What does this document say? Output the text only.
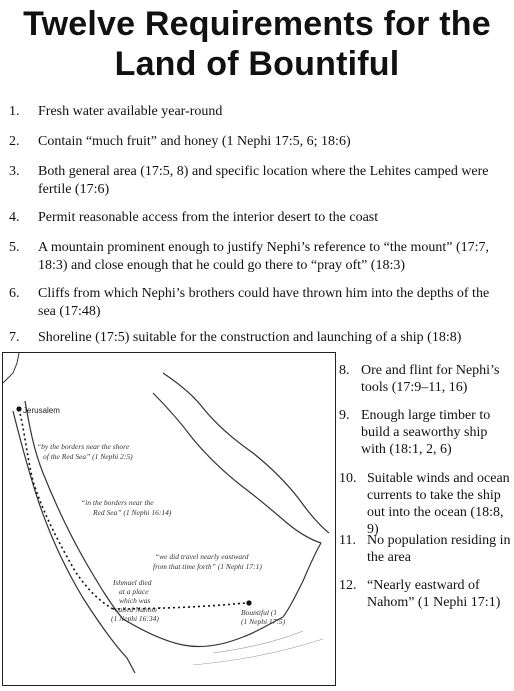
Twelve Requirements for the
Land of Bountiful
1. Fresh water available year-round
2. Contain “much fruit” and honey (1 Nephi 17:5, 6; 18:6)
3. Both general area (17:5, 8) and specific location where the Lehites camped were fertile (17:6)
4. Permit reasonable access from the interior desert to the coast
5. A mountain prominent enough to justify Nephi’s reference to “the mount” (17:7, 18:3) and close enough that he could go there to “pray oft” (18:3)
6. Cliffs from which Nephi’s brothers could have thrown him into the depths of the sea (17:48)
7. Shoreline (17:5) suitable for the construction and launching of a ship (18:8)
Jerusalem
“by the borders near the shore
of the Red Sea” (1 Nephi 2:5)
“in the borders near the
Red Sea” (1 Nephi 16:14)
“we did travel nearly eastward
from that time forth” (1 Nephi 17:1)
Ishmael died
at a place
which was
called Nahom”
(1 Nephi 16:34)
Bountiful (1
(1 Nephi 17:5)
8. Ore and flint for Nephi’s tools (17:9–11, 16)
9. Enough large timber to build a seaworthy ship with (18:1, 2, 6)
10. Suitable winds and ocean currents to take the ship out into the ocean (18:8, 9)
11. No population residing in the area
12. “Nearly eastward of Nahom” (1 Nephi 17:1)
